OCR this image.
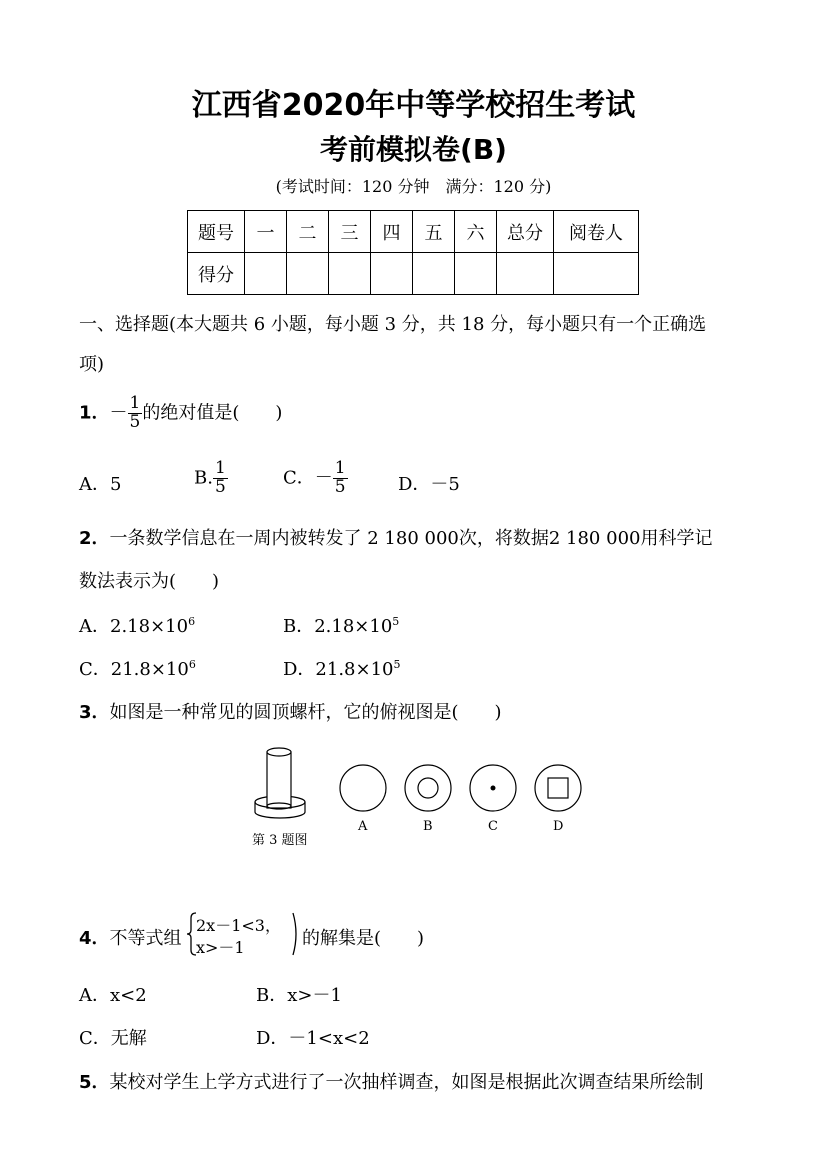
江西省2020年中等学校招生考试
考前模拟卷(B)
(考试时间：120 分钟　满分：120 分)
题号	一	二	三	四	五	六	总分	阅卷人
得分								
一、选择题(本大题共 6 小题，每小题 3 分，共 18 分，每小题只有一个正确选
项)
1．－ $\frac{1}{5}$ 的绝对值是(　　)
A．5	B. $\frac{1}{5}$	C．－ $\frac{1}{5}$	D．－5
2．一条数学信息在一周内被转发了 2 180 000次，将数据2 180 000用科学记
数法表示为(　　)
A．$2.18\times 10^6$	B．$2.18\times 10^5$
C．$21.8\times 10^6$	D．$21.8\times 10^5$
3．如图是一种常见的圆顶螺杆，它的俯视图是(　　)
第 3 题图
A	B	C	D
4．不等式组
2x－1<3，
x>－1	的解集是(　　)
A．x<2	B．x>－1
C．无解	D．－1<x<2
5．某校对学生上学方式进行了一次抽样调查，如图是根据此次调查结果所绘制
